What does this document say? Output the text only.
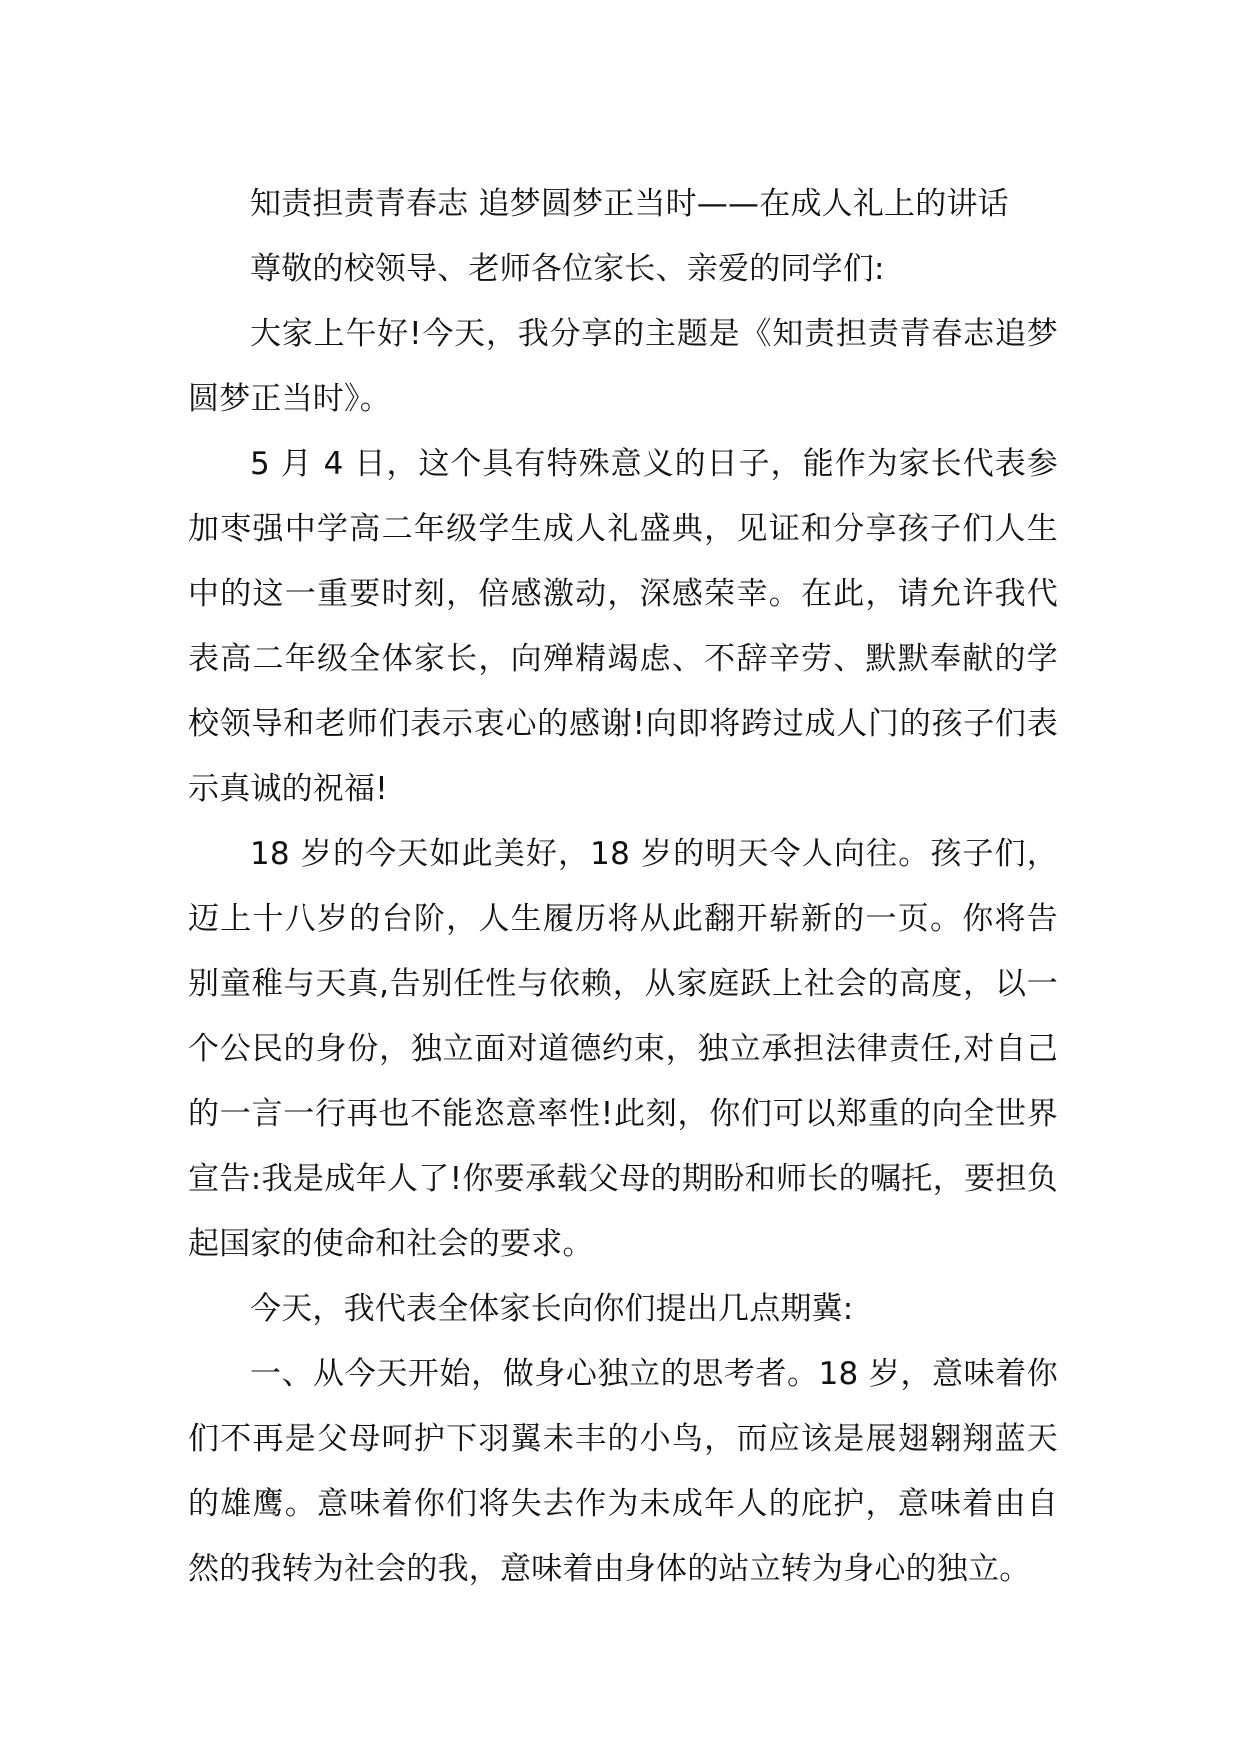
知责担责青春志 追梦圆梦正当时——在成人礼上的讲话

尊敬的校领导、老师各位家长、亲爱的同学们:

大家上午好!今天，我分享的主题是《知责担责青春志追梦圆梦正当时》。

5 月 4 日，这个具有特殊意义的日子，能作为家长代表参加枣强中学高二年级学生成人礼盛典，见证和分享孩子们人生中的这一重要时刻，倍感激动，深感荣幸。在此，请允许我代表高二年级全体家长，向殚精竭虑、不辞辛劳、默默奉献的学校领导和老师们表示衷心的感谢!向即将跨过成人门的孩子们表示真诚的祝福!

18 岁的今天如此美好，18 岁的明天令人向往。孩子们，迈上十八岁的台阶，人生履历将从此翻开崭新的一页。你将告别童稚与天真,告别任性与依赖，从家庭跃上社会的高度，以一个公民的身份，独立面对道德约束，独立承担法律责任,对自己的一言一行再也不能恣意率性!此刻，你们可以郑重的向全世界宣告:我是成年人了!你要承载父母的期盼和师长的嘱托，要担负起国家的使命和社会的要求。

今天，我代表全体家长向你们提出几点期冀:

一、从今天开始，做身心独立的思考者。18 岁，意味着你们不再是父母呵护下羽翼未丰的小鸟，而应该是展翅翱翔蓝天的雄鹰。意味着你们将失去作为未成年人的庇护，意味着由自然的我转为社会的我，意味着由身体的站立转为身心的独立。
